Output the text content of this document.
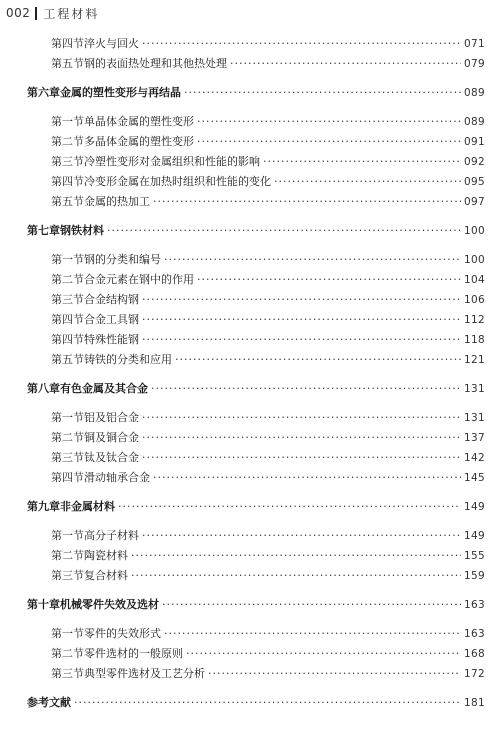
002 工程材料
第四节 淬火与回火 ·····	071
第五节 钢的表面热处理和其他热处理 ·····	079
第六章 金属的塑性变形与再结晶 ·····	089
第一节 单晶体金属的塑性变形 ·····	089
第二节 多晶体金属的塑性变形 ·····	091
第三节 冷塑性变形对金属组织和性能的影响 ·····	092
第四节 冷变形金属在加热时组织和性能的变化 ·····	095
第五节 金属的热加工 ·····	097
第七章 钢铁材料 ·····	100
第一节 钢的分类和编号 ·····	100
第二节 合金元素在钢中的作用 ·····	104
第三节 合金结构钢 ·····	106
第四节 合金工具钢 ·····	112
第四节 特殊性能钢 ·····	118
第五节 铸铁的分类和应用 ·····	121
第八章 有色金属及其合金 ·····	131
第一节 铝及铝合金 ·····	131
第二节 铜及铜合金 ·····	137
第三节 钛及钛合金 ·····	142
第四节 滑动轴承合金 ·····	145
第九章 非金属材料 ·····	149
第一节 高分子材料 ·····	149
第二节 陶瓷材料 ·····	155
第三节 复合材料 ·····	159
第十章 机械零件失效及选材 ·····	163
第一节 零件的失效形式 ·····	163
第二节 零件选材的一般原则 ·····	168
第三节 典型零件选材及工艺分析 ·····	172
参考文献 ·····	181
